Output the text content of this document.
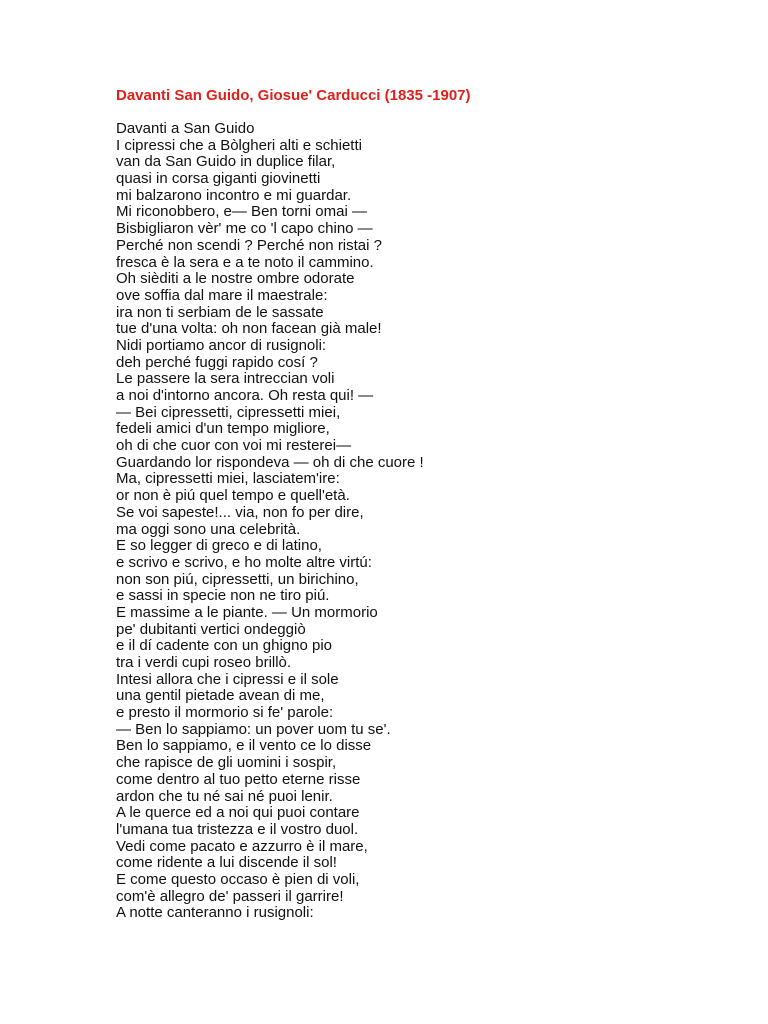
Davanti San Guido, Giosue' Carducci (1835 -1907)
Davanti a San Guido
I cipressi che a Bòlgheri alti e schietti
van da San Guido in duplice filar,
quasi in corsa giganti giovinetti
mi balzarono incontro e mi guardar.
Mi riconobbero, e— Ben torni omai —
Bisbigliaron vèr' me co 'l capo chino —
Perché non scendi ? Perché non ristai ?
fresca è la sera e a te noto il cammino.
Oh sièditi a le nostre ombre odorate
ove soffia dal mare il maestrale:
ira non ti serbiam de le sassate
tue d'una volta: oh non facean già male!
Nidi portiamo ancor di rusignoli:
deh perché fuggi rapido cosí ?
Le passere la sera intreccian voli
a noi d'intorno ancora. Oh resta qui! —
— Bei cipressetti, cipressetti miei,
fedeli amici d'un tempo migliore,
oh di che cuor con voi mi resterei—
Guardando lor rispondeva — oh di che cuore !
Ma, cipressetti miei, lasciatem'ire:
or non è piú quel tempo e quell'età.
Se voi sapeste!... via, non fo per dire,
ma oggi sono una celebrità.
E so legger di greco e di latino,
e scrivo e scrivo, e ho molte altre virtú:
non son piú, cipressetti, un birichino,
e sassi in specie non ne tiro piú.
E massime a le piante. — Un mormorio
pe' dubitanti vertici ondeggiò
e il dí cadente con un ghigno pio
tra i verdi cupi roseo brillò.
Intesi allora che i cipressi e il sole
una gentil pietade avean di me,
e presto il mormorio si fe' parole:
— Ben lo sappiamo: un pover uom tu se'.
Ben lo sappiamo, e il vento ce lo disse
che rapisce de gli uomini i sospir,
come dentro al tuo petto eterne risse
ardon che tu né sai né puoi lenir.
A le querce ed a noi qui puoi contare
l'umana tua tristezza e il vostro duol.
Vedi come pacato e azzurro è il mare,
come ridente a lui discende il sol!
E come questo occaso è pien di voli,
com'è allegro de' passeri il garrire!
A notte canteranno i rusignoli:
